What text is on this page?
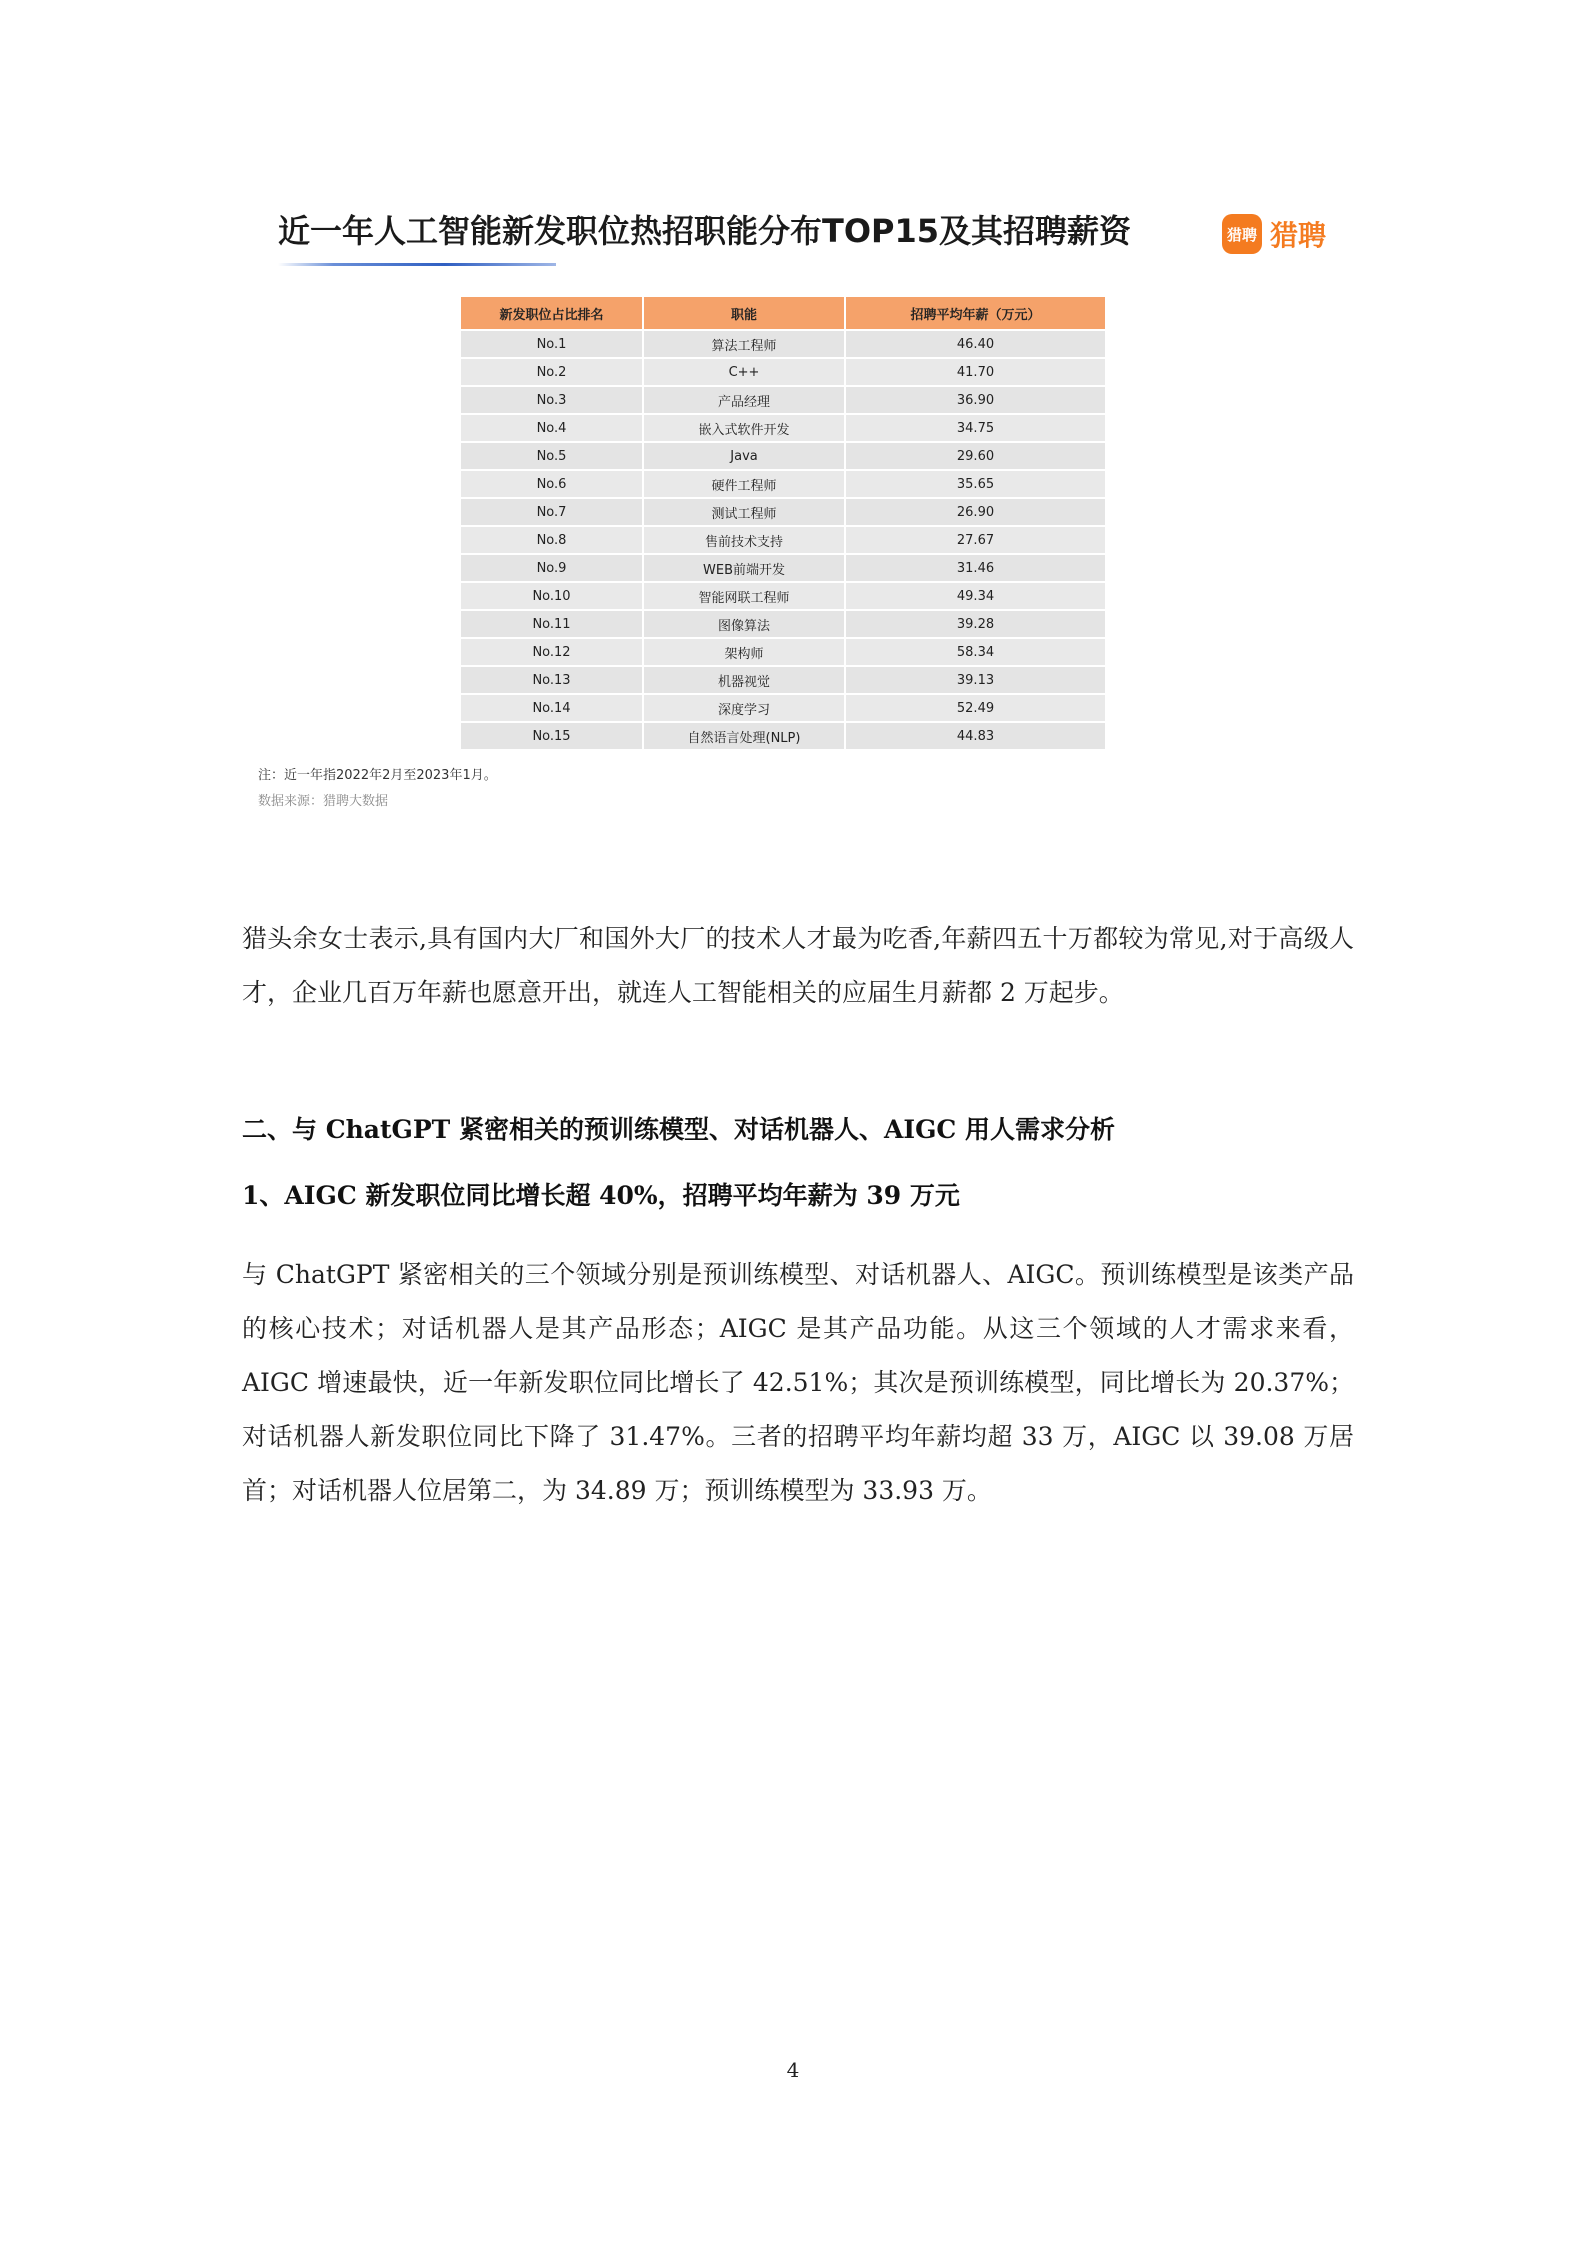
近一年人工智能新发职位热招职能分布TOP15及其招聘薪资	猎聘 猎聘
新发职位占比排名	职能	招聘平均年薪（万元）
No.1	算法工程师	46.40
No.2	C++	41.70
No.3	产品经理	36.90
No.4	嵌入式软件开发	34.75
No.5	Java	29.60
No.6	硬件工程师	35.65
No.7	测试工程师	26.90
No.8	售前技术支持	27.67
No.9	WEB前端开发	31.46
No.10	智能网联工程师	49.34
No.11	图像算法	39.28
No.12	架构师	58.34
No.13	机器视觉	39.13
No.14	深度学习	52.49
No.15	自然语言处理(NLP)	44.83
注：近一年指2022年2月至2023年1月。
数据来源：猎聘大数据
猎头余女士表示,具有国内大厂和国外大厂的技术人才最为吃香,年薪四五十万都较为常见,对于高级人才，企业几百万年薪也愿意开出，就连人工智能相关的应届生月薪都 2 万起步。
二、与 ChatGPT 紧密相关的预训练模型、对话机器人、AIGC 用人需求分析
1、AIGC 新发职位同比增长超 40%，招聘平均年薪为 39 万元
与 ChatGPT 紧密相关的三个领域分别是预训练模型、对话机器人、AIGC。预训练模型是该类产品的核心技术；对话机器人是其产品形态；AIGC 是其产品功能。从这三个领域的人才需求来看，AIGC 增速最快，近一年新发职位同比增长了 42.51%；其次是预训练模型，同比增长为 20.37%；对话机器人新发职位同比下降了 31.47%。三者的招聘平均年薪均超 33 万，AIGC 以 39.08 万居首；对话机器人位居第二，为 34.89 万；预训练模型为 33.93 万。
4
